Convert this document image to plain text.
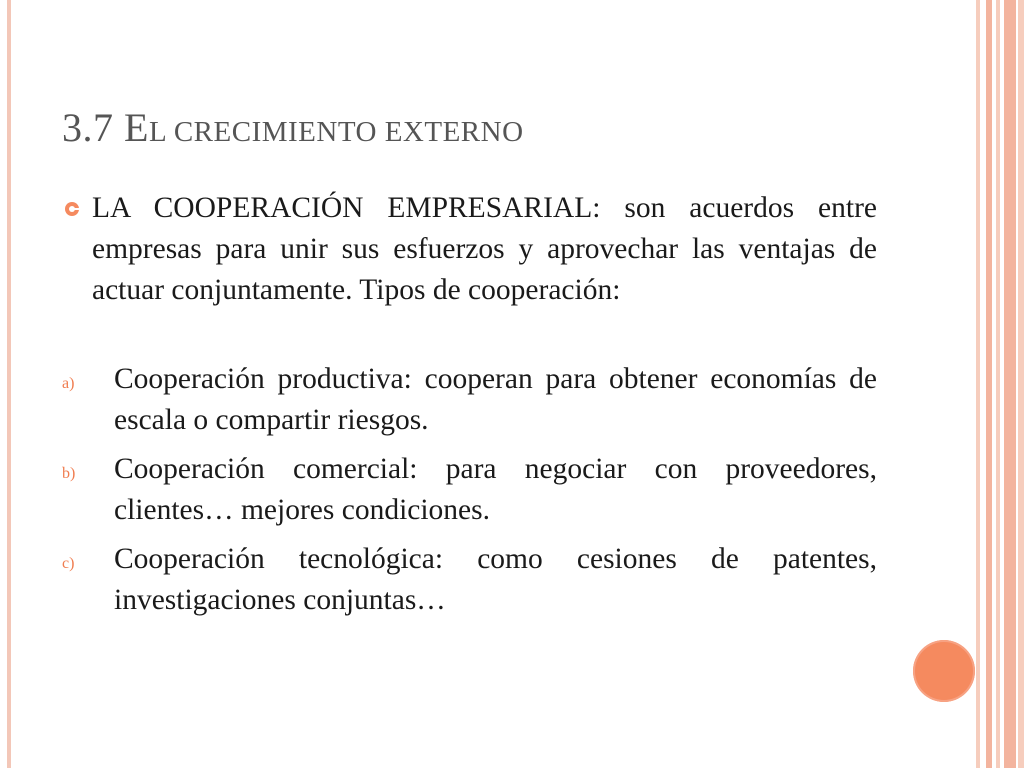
3.7 EL CRECIMIENTO EXTERNO
LA COOPERACIÓN EMPRESARIAL: son acuerdos entre empresas para unir sus esfuerzos y aprovechar las ventajas de actuar conjuntamente. Tipos de cooperación:
a) Cooperación productiva: cooperan para obtener economías de escala o compartir riesgos.
b) Cooperación comercial: para negociar con proveedores, clientes… mejores condiciones.
c) Cooperación tecnológica: como cesiones de patentes, investigaciones conjuntas…
